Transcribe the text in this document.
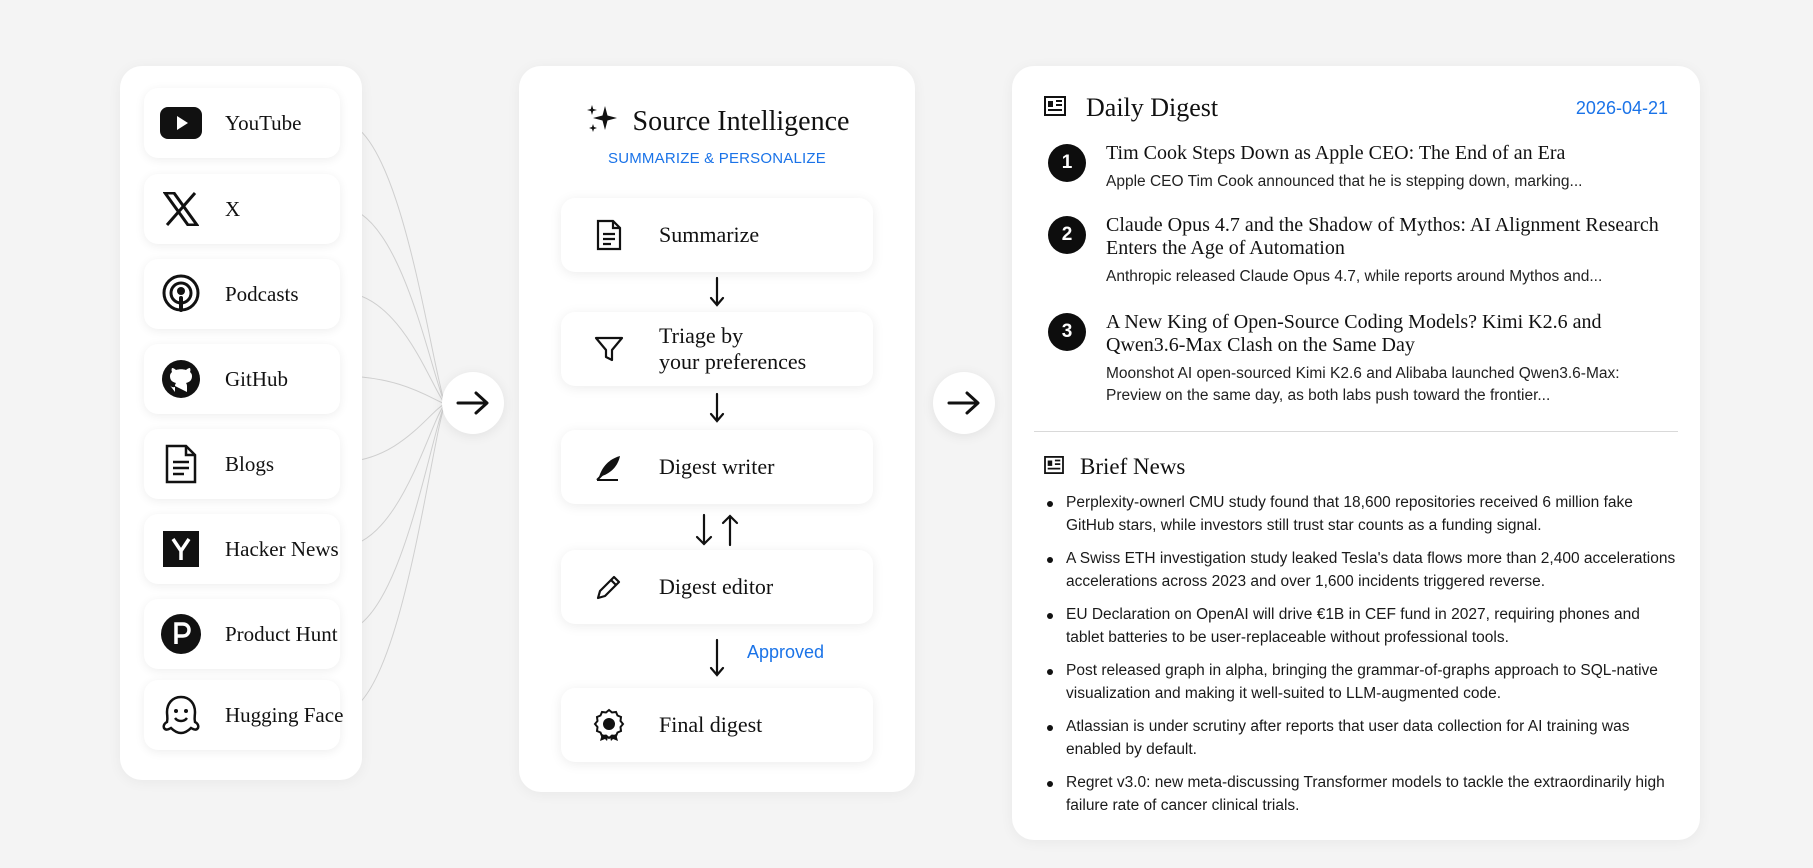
YouTube
X
Podcasts
GitHub
Blogs
Hacker News
Product Hunt
Hugging Face
Source Intelligence
SUMMARIZE & PERSONALIZE
Summarize
Triage by
your preferences
Digest writer
Digest editor
Approved
Final digest
Daily Digest	2026-04-21
1	Tim Cook Steps Down as Apple CEO: The End of an Era
Apple CEO Tim Cook announced that he is stepping down, marking...
2	Claude Opus 4.7 and the Shadow of Mythos: AI Alignment Research Enters the Age of Automation
Anthropic released Claude Opus 4.7, while reports around Mythos and...
3	A New King of Open-Source Coding Models? Kimi K2.6 and Qwen3.6-Max Clash on the Same Day
Moonshot AI open-sourced Kimi K2.6 and Alibaba launched Qwen3.6-Max: Preview on the same day, as both labs push toward the frontier...
Brief News
Perplexity-ownerl CMU study found that 18,600 repositories received 6 million fake GitHub stars, while investors still trust star counts as a funding signal.
A Swiss ETH investigation study leaked Tesla's data flows more than 2,400 accelerations accelerations across 2023 and over 1,600 incidents triggered reverse.
EU Declaration on OpenAI will drive €1B in CEF fund in 2027, requiring phones and tablet batteries to be user-replaceable without professional tools.
Post released graph in alpha, bringing the grammar-of-graphs approach to SQL-native visualization and making it well-suited to LLM-augmented code.
Atlassian is under scrutiny after reports that user data collection for AI training was enabled by default.
Regret v3.0: new meta-discussing Transformer models to tackle the extraordinarily high failure rate of cancer clinical trials.
